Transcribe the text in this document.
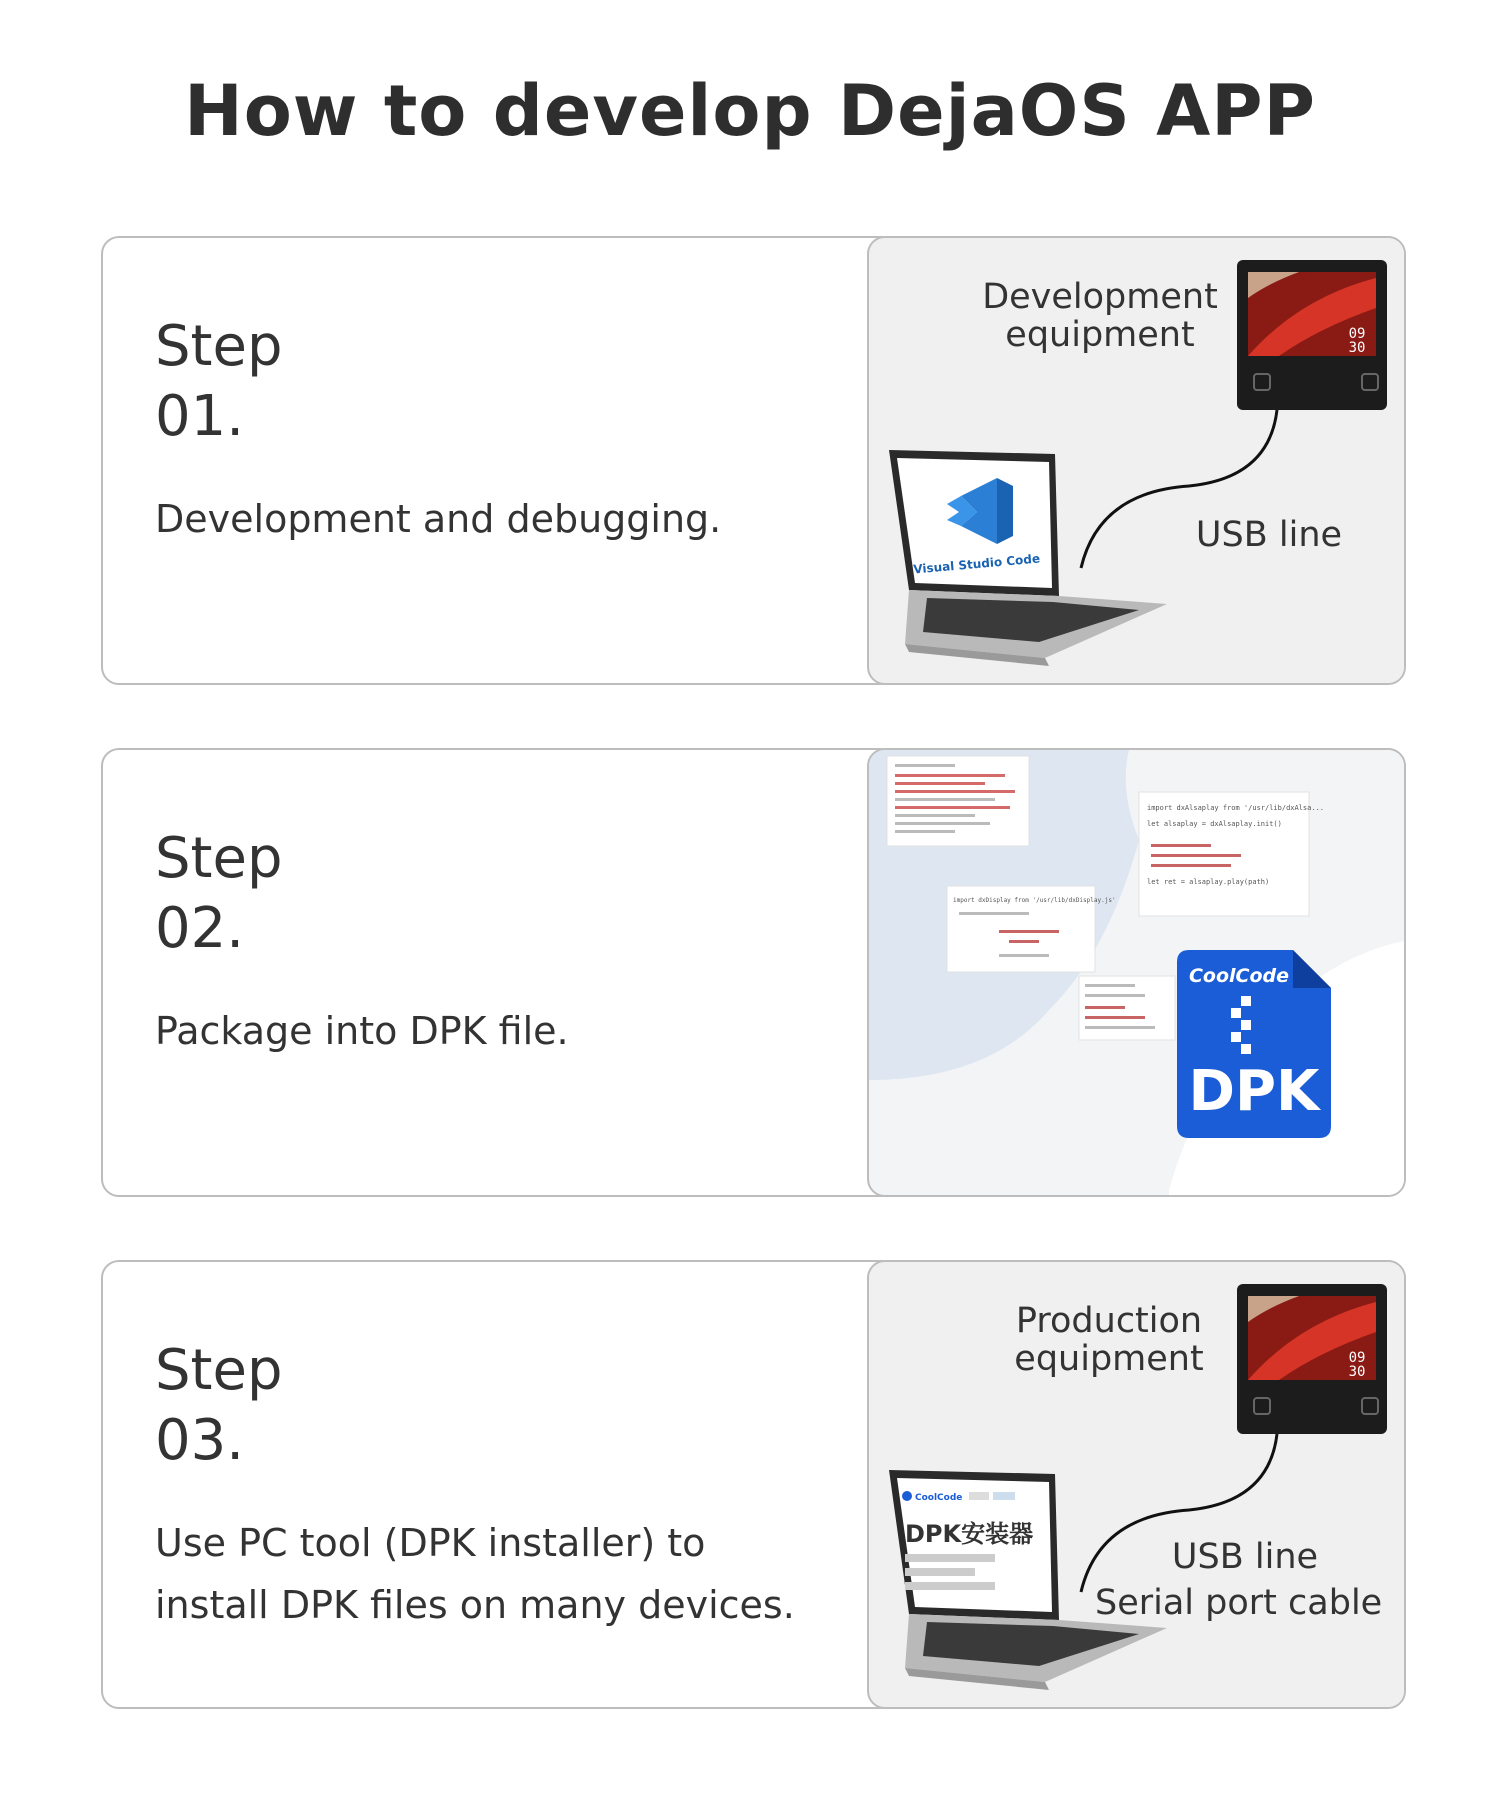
How to develop DejaOS APP

Step

01.

Development and debugging.

09
30
Visual Studio Code
Development
equipment
USB line

Step

02.

Package into DPK file.

import dxAlsaplay from '/usr/lib/dxAlsa...
let alsaplay = dxAlsaplay.init()
let ret = alsaplay.play(path)
import dxDisplay from '/usr/lib/dxDisplay.js'
CoolCode
DPK

Step

03.

Use PC tool (DPK installer) to
install DPK files on many devices.

09
30
CoolCode
DPK安装器
Production
equipment
USB line
Serial port cable
